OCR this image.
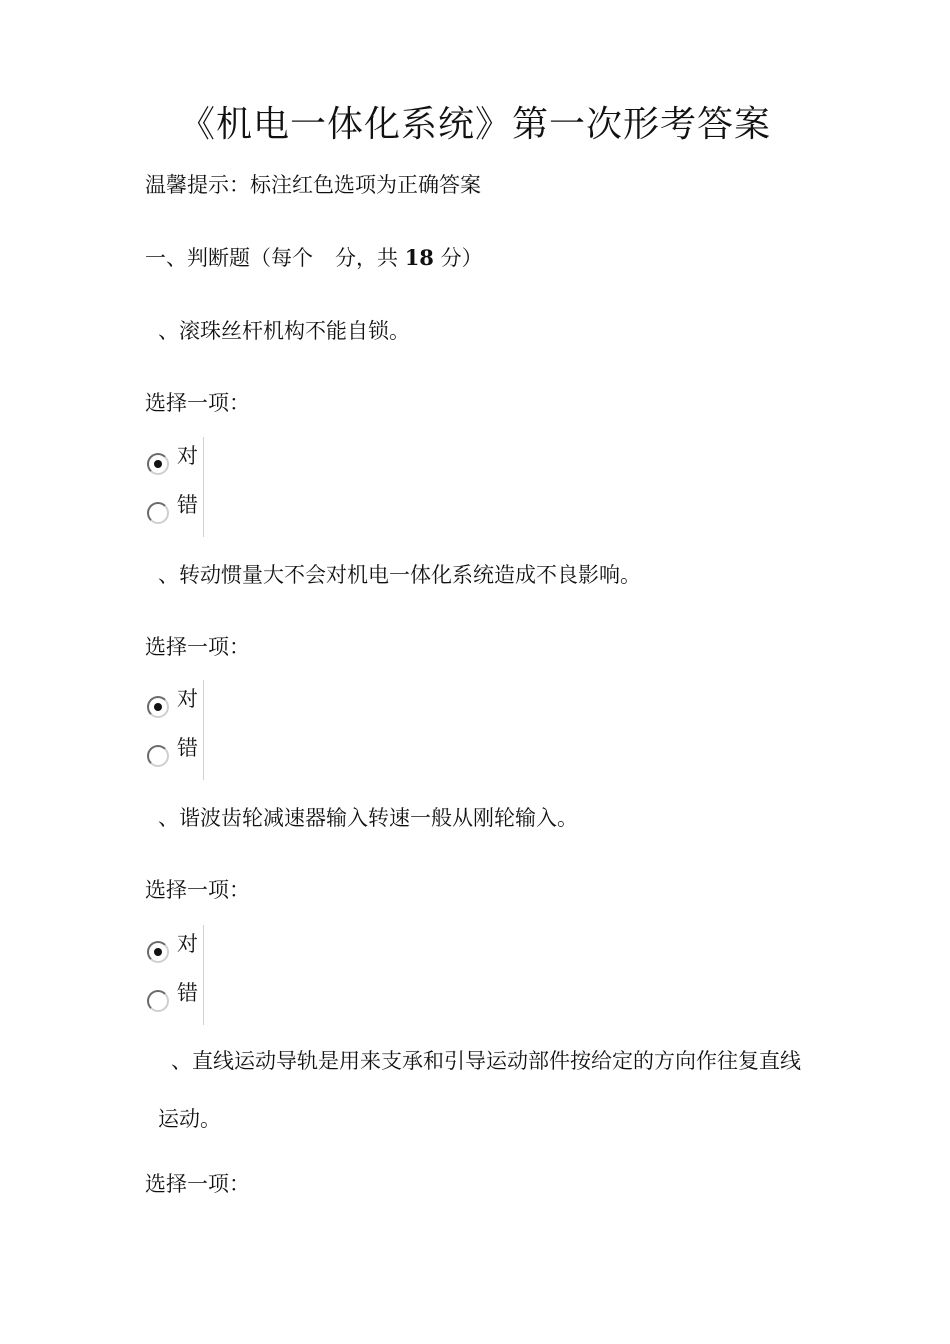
《机电一体化系统》第一次形考答案
温馨提示：标注红色选项为正确答案
一、判断题（每个 分，共 18 分）
、滚珠丝杆机构不能自锁。
选择一项：
对
错
、转动惯量大不会对机电一体化系统造成不良影响。
选择一项：
对
错
、谐波齿轮减速器输入转速一般从刚轮输入。
选择一项：
对
错
、直线运动导轨是用来支承和引导运动部件按给定的方向作往复直线运动。
选择一项：
